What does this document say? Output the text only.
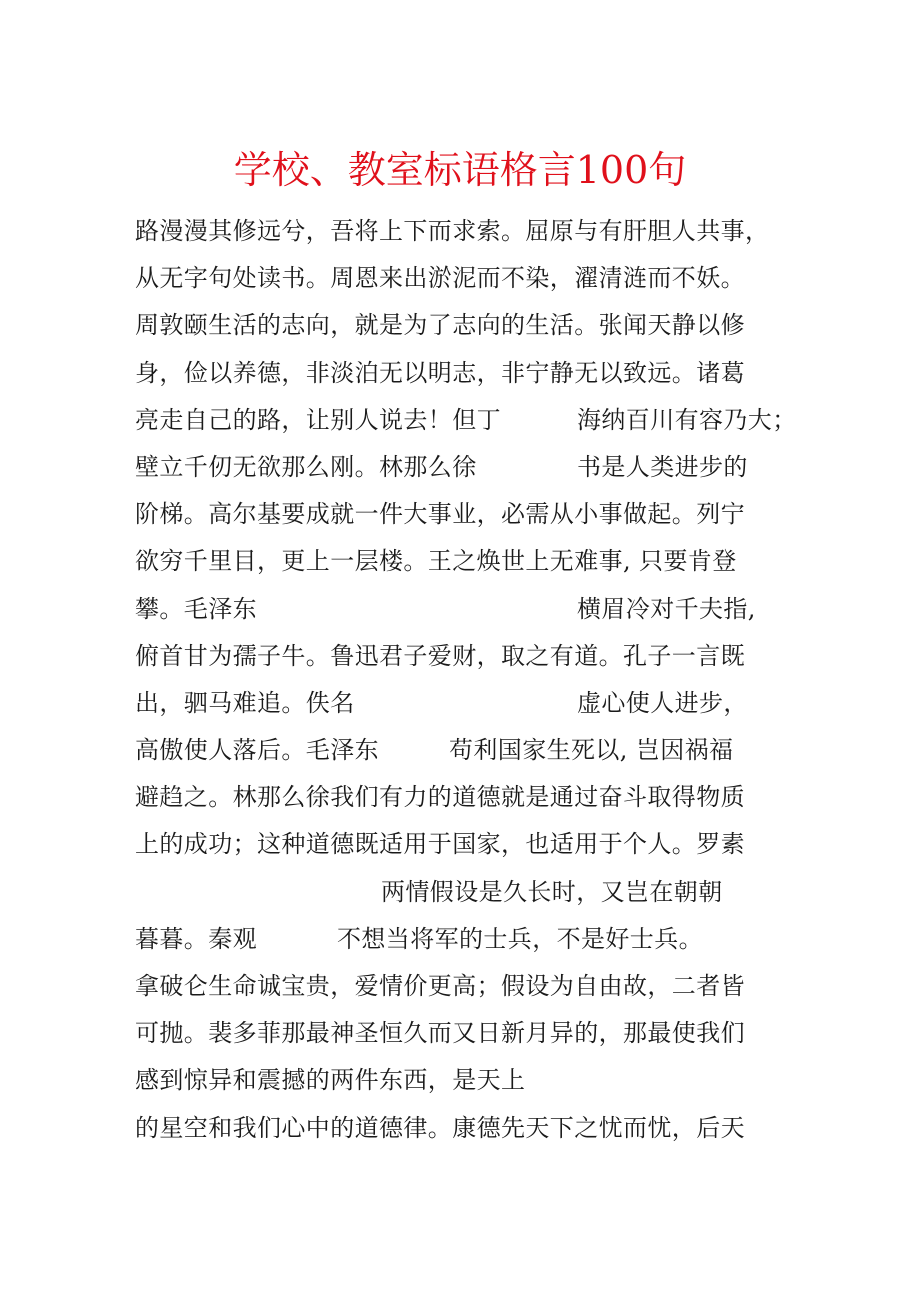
学校、教室标语格言100句
路漫漫其修远兮，吾将上下而求索。屈原与有肝胆人共事，
从无字句处读书。周恩来出淤泥而不染，濯清涟而不妖。
周敦颐生活的志向，就是为了志向的生活。张闻天静以修
身，俭以养德，非淡泊无以明志，非宁静无以致远。诸葛
亮走自己的路，让别人说去！但丁	海纳百川有容乃大；
壁立千仞无欲那么刚。林那么徐	书是人类进步的
阶梯。高尔基要成就一件大事业，必需从小事做起。列宁
欲穷千里目，更上一层楼。王之焕世上无难事, 只要肯登
攀。毛泽东	横眉冷对千夫指,
俯首甘为孺子牛。鲁迅君子爱财，取之有道。孔子一言既
出，驷马难追。佚名	虚心使人进步，
高傲使人落后。毛泽东	苟利国家生死以, 岂因祸福
避趋之。林那么徐我们有力的道德就是通过奋斗取得物质
上的成功；这种道德既适用于国家，也适用于个人。罗素
两情假设是久长时，又岂在朝朝
暮暮。秦观	不想当将军的士兵，不是好士兵。
拿破仑生命诚宝贵，爱情价更高；假设为自由故，二者皆
可抛。裴多菲那最神圣恒久而又日新月异的，那最使我们
感到惊异和震撼的两件东西，是天上
的星空和我们心中的道德律。康德先天下之忧而忧，后天
